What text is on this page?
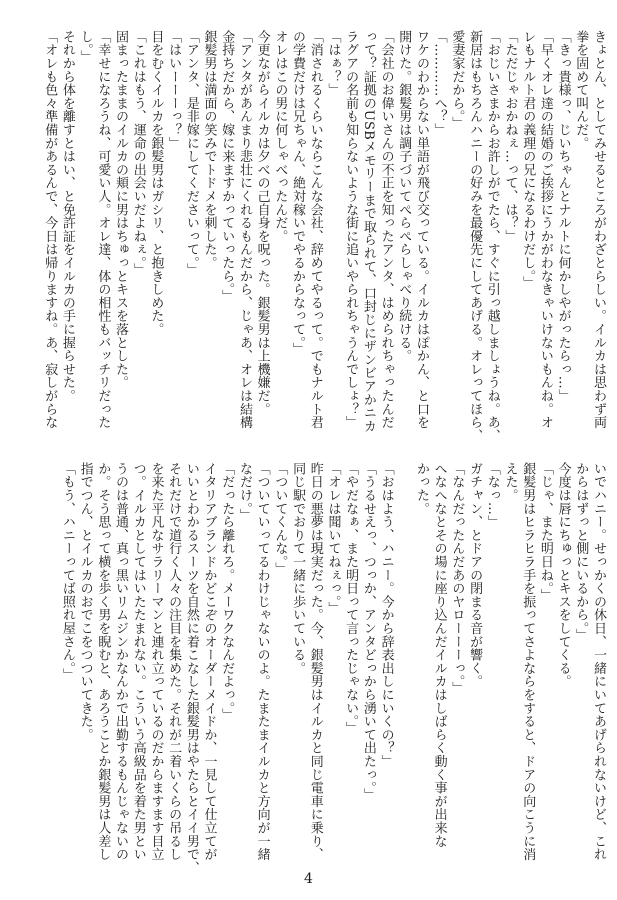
きょとん、としてみせるところがわざとらしい。イルカは思わず両
拳を固めて叫んだ。
「きっ貴様っ、じいちゃんとナルトに何かしやがったらっ…」
「早くオレ達の結婚のご挨拶にうかがわなきゃいけないもんね。オ
レもナルト君の義理の兄になるわけだし。」
「ただじゃおかねぇ…って、は？」
「おじいさまからお許しがでたら、すぐに引っ越しましょうね。あ、
新居はもちろんハニーの好みを最優先にしてあげる。オレってほら、
愛妻家だから。」
「…………へ？」
ワケのわからない単語が飛び交っている。イルカはぽかん、と口を
開けた。銀髪男は調子づいてぺらぺらしゃべり続ける。
「会社のお偉いさんの不正を知ったアンタ、はめられちゃったんだ
って？証拠のUSBメモリーまで取られて、口封じにザンビアかニカ
ラグアの名前も知らないような街に追いやられちゃうんでしょ？」
「はぁ？」
「消されるくらいならこんな会社、辞めてやるって。でもナルト君
の学費だけは兄ちゃん、絶対稼いでやるからなって。」
オレはこの男に何しゃべったんだ。
今更ながらイルカは夕べの己自身を呪った。銀髪男は上機嫌だ。
「アンタがあんまり悲壮にくれるもんだから、じゃあ、オレは結構
金持ちだから、嫁に来ますかっていったら。」
銀髪男は満面の笑みでトドメを刺した。
「アンタ、是非嫁にしてくださいって。」
「はいーーーっ？」
目をむくイルカを銀髪男はガシリ、と抱きしめた。
「これはもう、運命の出会いだよねぇ。」
固まったままのイルカの頬に男はちゅっとキスを落とした。
「幸せになろうね、可愛い人。オレ達、体の相性もバッチリだった
し。」
それから体を離すとはい、と免許証をイルカの手に握らせた。
「オレも色々準備があるんで、今日は帰りますね。あ、寂しがらな
いでハニー。せっかくの休日、一緒にいてあげられないけど、これ
からはずっと側にいるから。」
今度は唇にちゅっとキスをしてくる。
「じゃ、また明日ね。」
銀髪男はヒラヒラ手を振ってさよならをすると、ドアの向こうに消
えた。
「なっ…」
ガチャン、とドアの閉まる音が響く。
「なんだったんだあのヤローーーっ。」
へなへなとその場に座り込んだイルカはしばらく動く事が出来な
かった。
「おはよう、ハニー。今から辞表出しにいくの？」
「うるせえっ、つっか、アンタどっから湧いて出たっ。」
「やだなぁ、また明日って言ったじゃない。」
「オレは聞いてねぇっ。」
昨日の悪夢は現実だった。今、銀髪男はイルカと同じ電車に乗り、
同じ駅でおりて一緒に歩いている。
「ついてくんな。」
「ついていってるわけじゃないのよ。たまたまイルカと方向が一緒
なだけ。」
「だったら離れろ。メーワクなんだよっ。」
イタリアブランドかどこぞのオーダーメイドか、一見して仕立てが
いいとわかるスーツを自然に着こなした銀髪男はやたらとイイ男で、
それだけで道行く人々の注目を集めた。それが二着いくらの吊るし
を来た平凡なサラリーマンと連れ立っているのだからますます目立
つ。イルカとしてはいたたまれない。こういう高級品を着た男とい
うのは普通、真っ黒いリムジンかなんかで出勤するもんじゃないの
か。そう思って横を歩く男を睨むと、あろうことか銀髪男は人差し
指でつん、とイルカのおでこをつついてきた。
「もう、ハニーってば照れ屋さん。」
4
